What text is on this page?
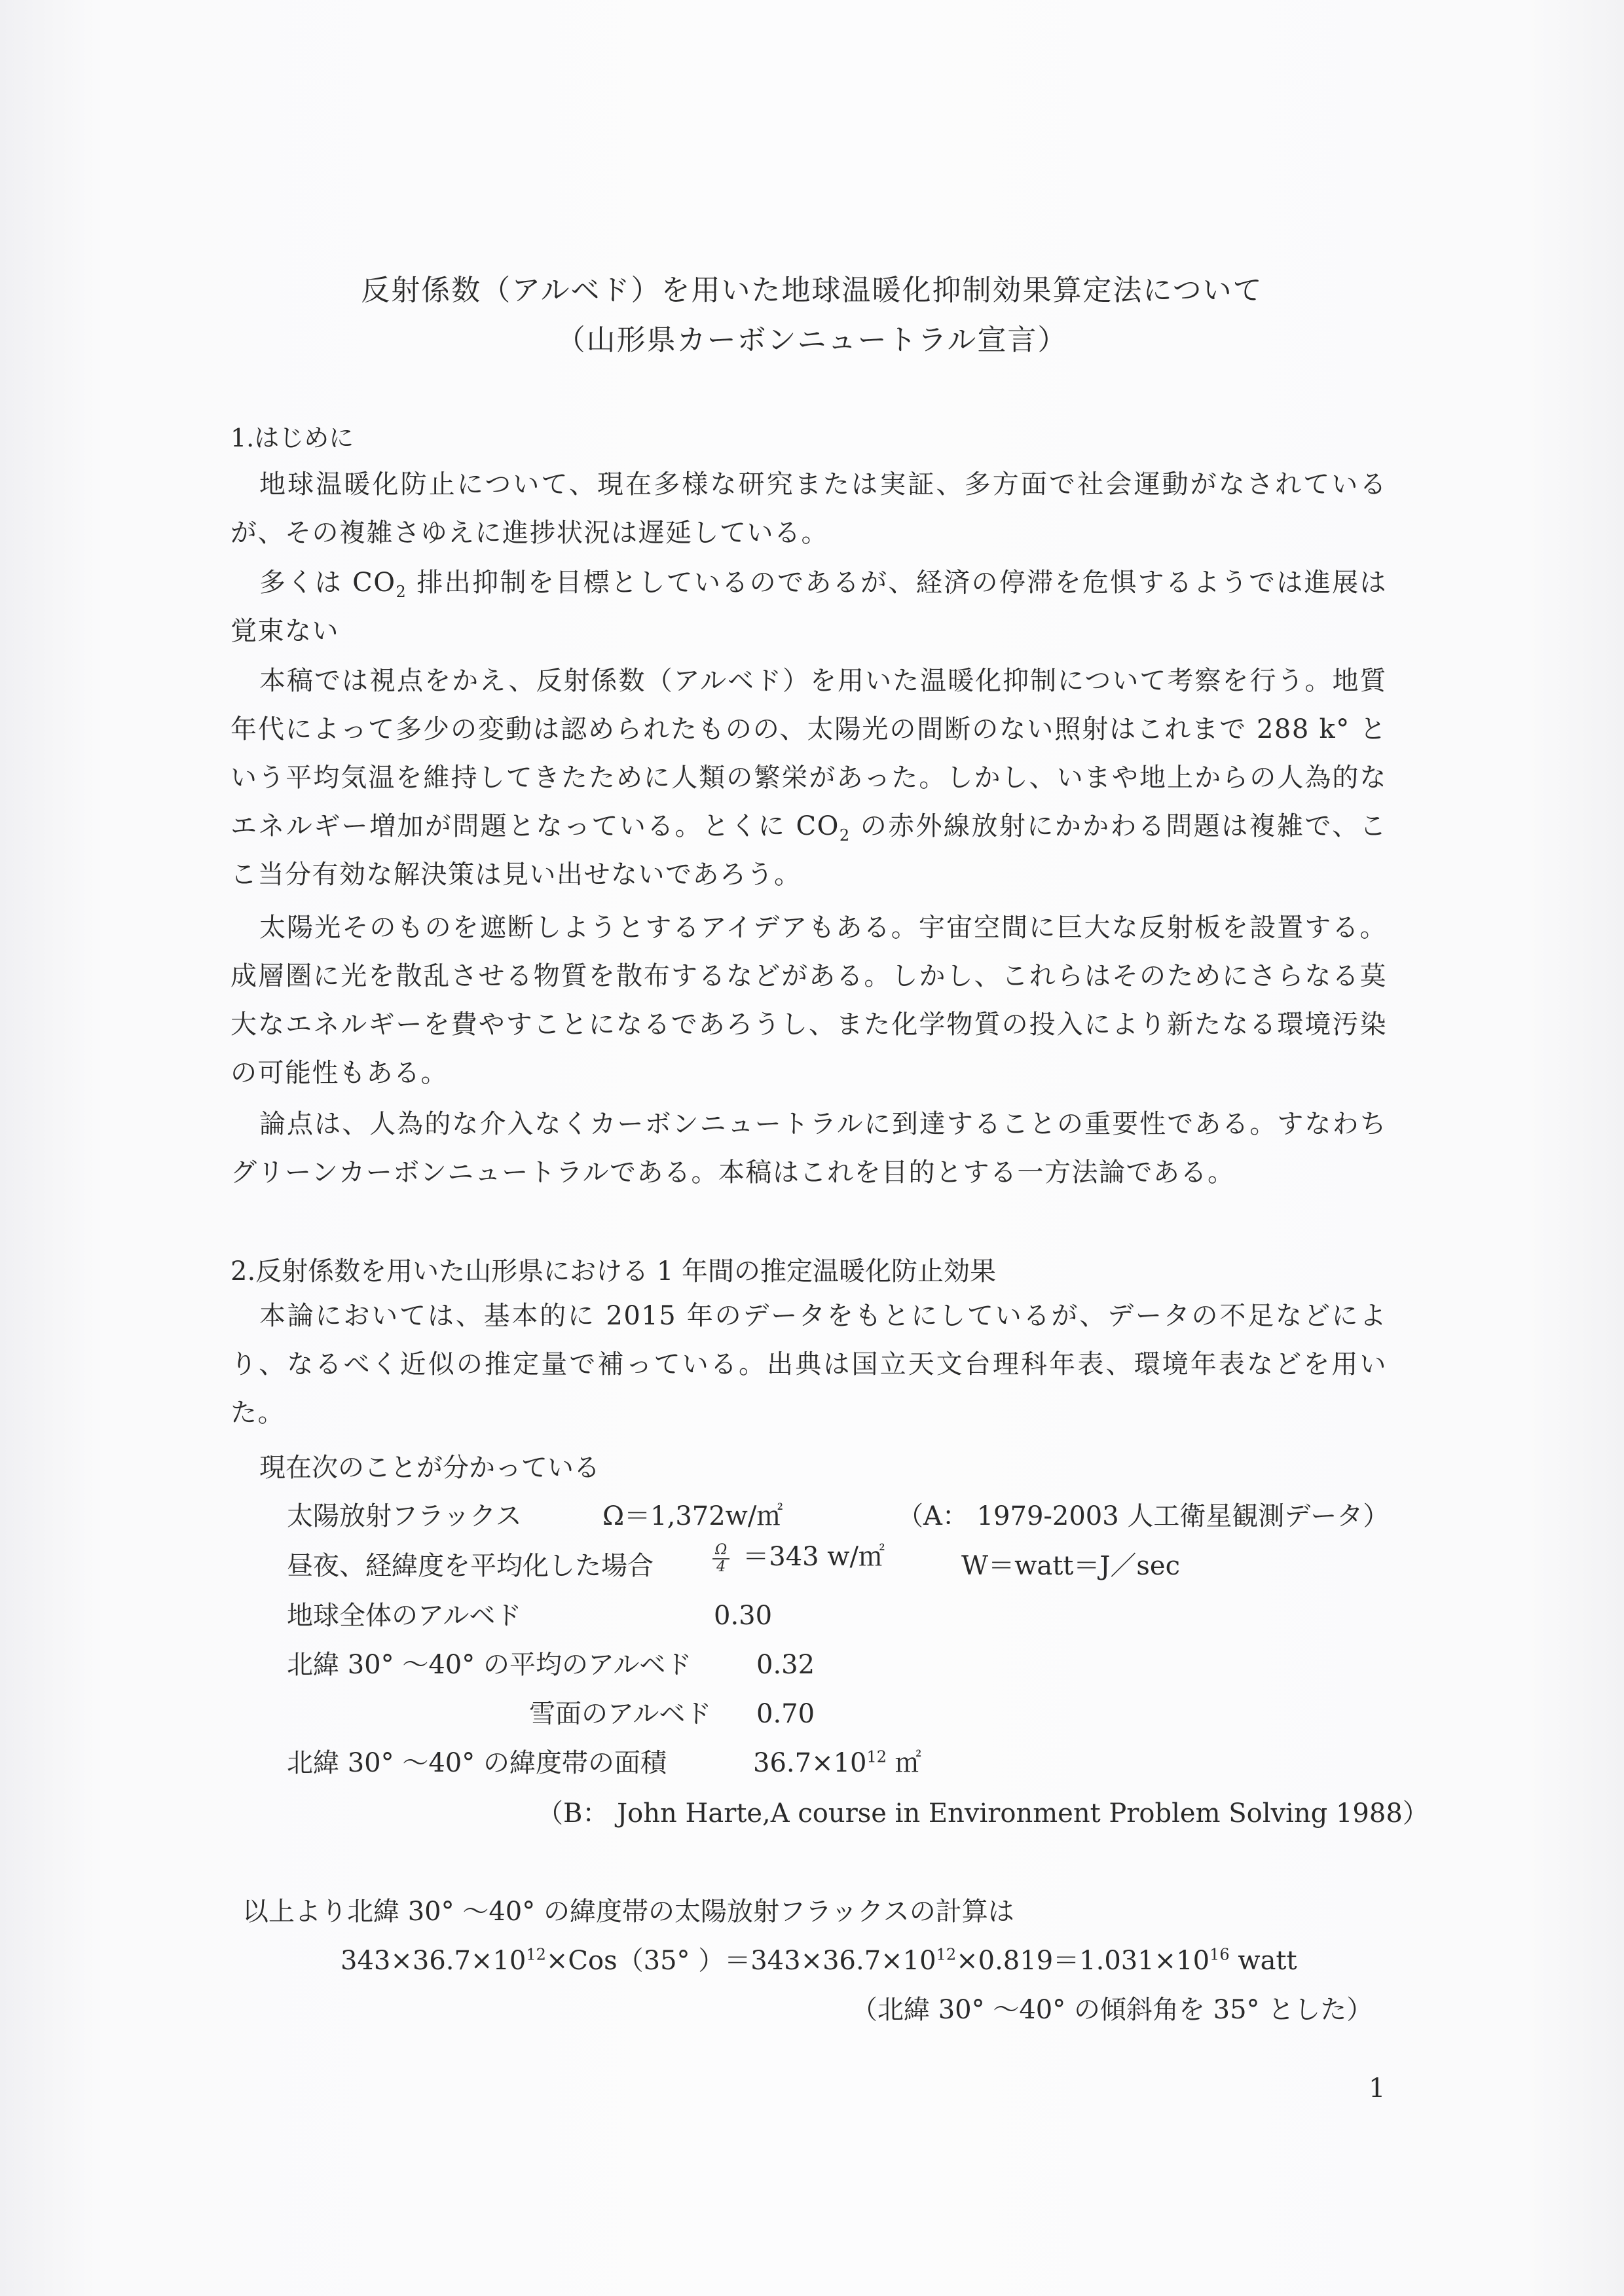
反射係数（アルベド）を用いた地球温暖化抑制効果算定法について
（山形県カーボンニュートラル宣言）
1.はじめに
地球温暖化防止について、現在多様な研究または実証、多方面で社会運動がなされているが、その複雑さゆえに進捗状況は遅延している。
多くは $CO_2$ 排出抑制を目標としているのであるが、経済の停滞を危惧するようでは進展は覚束ない
本稿では視点をかえ、反射係数（アルベド）を用いた温暖化抑制について考察を行う。地質年代によって多少の変動は認められたものの、太陽光の間断のない照射はこれまで 288 k° という平均気温を維持してきたために人類の繁栄があった。しかし、いまや地上からの人為的なエネルギー増加が問題となっている。とくに $CO_2$ の赤外線放射にかかわる問題は複雑で、ここ当分有効な解決策は見い出せないであろう。
太陽光そのものを遮断しようとするアイデアもある。宇宙空間に巨大な反射板を設置する。成層圏に光を散乱させる物質を散布するなどがある。しかし、これらはそのためにさらなる莫大なエネルギーを費やすことになるであろうし、また化学物質の投入により新たなる環境汚染の可能性もある。
論点は、人為的な介入なくカーボンニュートラルに到達することの重要性である。すなわちグリーンカーボンニュートラルである。本稿はこれを目的とする一方法論である。
2.反射係数を用いた山形県における 1 年間の推定温暖化防止効果
本論においては、基本的に 2015 年のデータをもとにしているが、データの不足などにより、なるべく近似の推定量で補っている。出典は国立天文台理科年表、環境年表などを用いた。
現在次のことが分かっている
太陽放射フラックス	Ω＝1,372w/㎡	（A： 1979-2003 人工衛星観測データ）
昼夜、経緯度を平均化した場合	$\frac{\Omega}{4} =343$ w/㎡	W＝watt＝J／sec
地球全体のアルベド	0.30
北緯 30° ～40° の平均のアルベド 0.32
雪面のアルベド 0.70
北緯 30° ～40° の緯度帯の面積	$36.7\times 10^{12}$ ㎡
（B： John Harte,A course in Environment Problem Solving 1988）
以上より北緯 30° ～40° の緯度帯の太陽放射フラックスの計算は
$343\times 36.7\times 10^{12}\times Cos(35^\circ$ ）$=343\times 36.7\times 10^{12}\times 0.819=1.031\times 10^{16}$ watt
（北緯 30° ～40° の傾斜角を 35° とした）
1
